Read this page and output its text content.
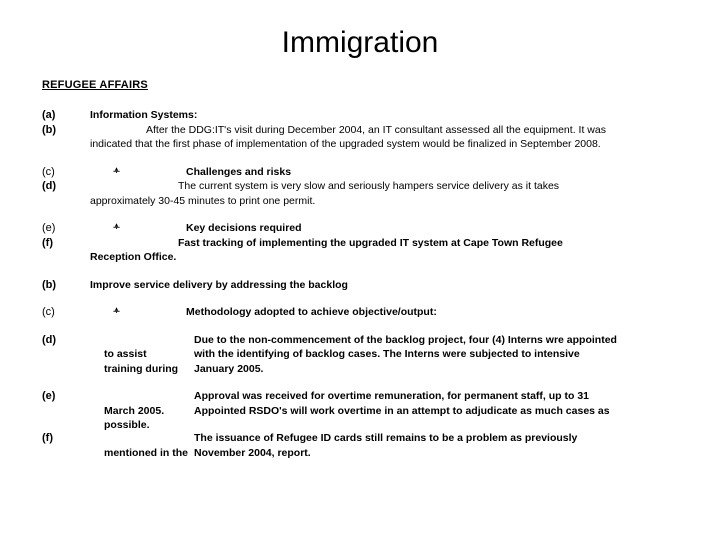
Immigration
REFUGEE AFFAIRS
(a)	Information Systems:
(b)	After the DDG:IT's visit during December 2004, an IT consultant assessed all the equipment. It was
indicated that the first phase of implementation of the upgraded system would be finalized in September 2008.
(c)	Challenges and risks
(d)	The current system is very slow and seriously hampers service delivery as it takes
approximately 30-45 minutes to print one permit.
(e)	Key decisions required
(f)	Fast tracking of implementing the upgraded IT system at Cape Town Refugee
Reception Office.
(b)	Improve service delivery by addressing the backlog
(c)	Methodology adopted to achieve objective/output:
(d)
to assist
training during
Due to the non-commencement of the backlog project, four (4) Interns wre appointed
with the identifying of backlog cases. The Interns were subjected to intensive
January 2005.
(e)
March 2005.
possible.
Approval was received for overtime remuneration, for permanent staff, up to 31
Appointed RSDO's will work overtime in an attempt to adjudicate as much cases as
(f)
mentioned in the
The issuance of Refugee ID cards still remains to be a problem as previously
November 2004, report.
